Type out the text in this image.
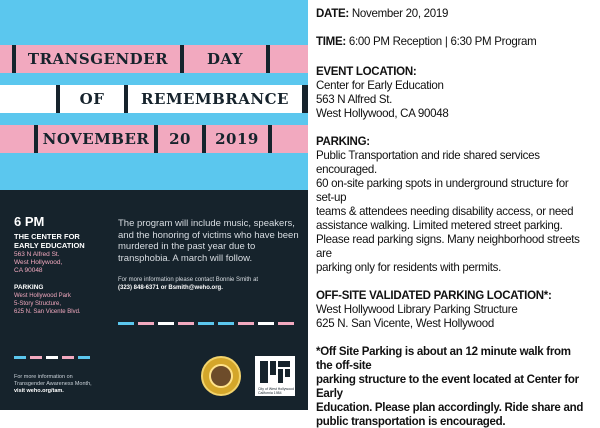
TRANSGENDER	DAY
OF REMEMBRANCE
NOVEMBER 20 2019
6 PM
THE CENTER FOR
EARLY EDUCATION
563 N Alfred St.
West Hollywood,
CA 90048
PARKING
West Hollywood Park
5-Story Structure,
625 N. San Vicente Blvd.
The program will include music, speakers, and the honoring of victims who have been murdered in the past year due to transphobia. A march will follow.
For more information please contact Bonnie Smith at
(323) 848-6371 or Bsmith@weho.org.
For more information on
Transgender Awareness Month,
visit weho.org/tam.	City of West Hollywood
California 1984
DATE: November 20, 2019
TIME: 6:00 PM Reception | 6:30 PM Program
EVENT LOCATION:
Center for Early Education
563 N Alfred St.
West Hollywood, CA 90048
PARKING:
Public Transportation and ride shared services encouraged.
60 on-site parking spots in underground structure for set-up
teams & attendees needing disability access, or need
assistance walking. Limited metered street parking.
Please read parking signs. Many neighborhood streets are
parking only for residents with permits.
OFF-SITE VALIDATED PARKING LOCATION*:
West Hollywood Library Parking Structure
625 N. San Vicente, West Hollywood
*Off Site Parking is about an 12 minute walk from the off-site
parking structure to the event located at Center for Early
Education. Please plan accordingly. Ride share and
public transportation is encouraged.
